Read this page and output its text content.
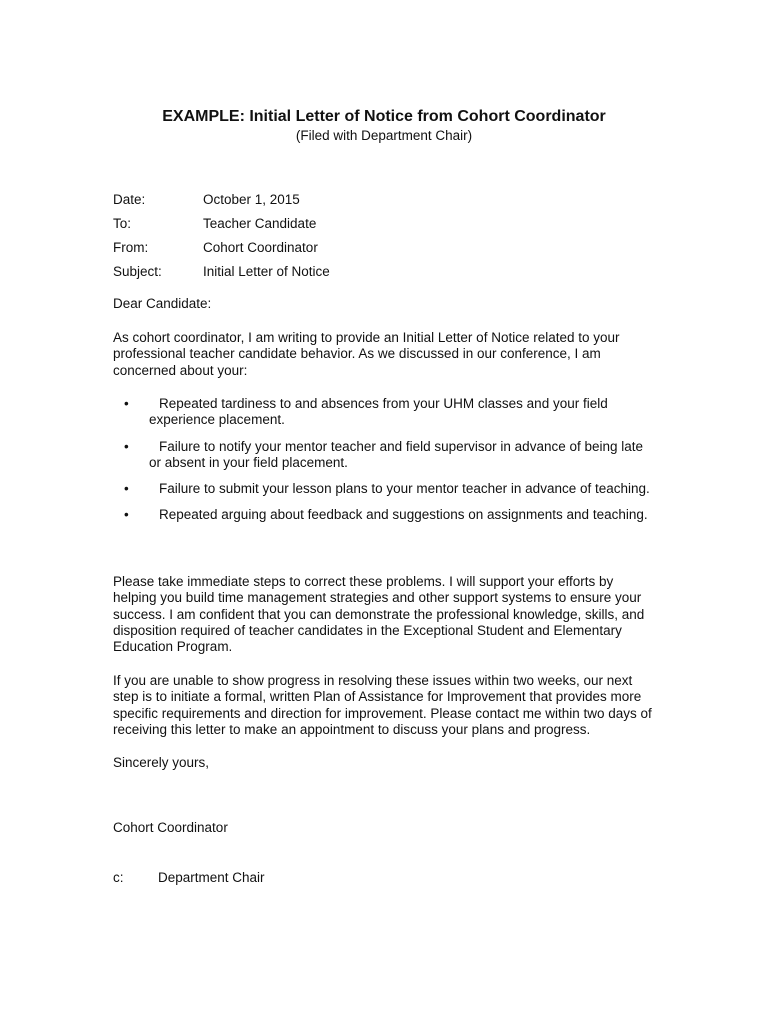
EXAMPLE: Initial Letter of Notice from Cohort Coordinator
(Filed with Department Chair)
Date:	October 1, 2015
To:	Teacher Candidate
From:	Cohort Coordinator
Subject:	Initial Letter of Notice

Dear Candidate:

As cohort coordinator, I am writing to provide an Initial Letter of Notice related to your professional teacher candidate behavior. As we discussed in our conference, I am concerned about your:

•	Repeated tardiness to and absences from your UHM classes and your field experience placement.
•	Failure to notify your mentor teacher and field supervisor in advance of being late or absent in your field placement.
•	Failure to submit your lesson plans to your mentor teacher in advance of teaching.
•	Repeated arguing about feedback and suggestions on assignments and teaching.

Please take immediate steps to correct these problems. I will support your efforts by helping you build time management strategies and other support systems to ensure your success. I am confident that you can demonstrate the professional knowledge, skills, and disposition required of teacher candidates in the Exceptional Student and Elementary Education Program.

If you are unable to show progress in resolving these issues within two weeks, our next step is to initiate a formal, written Plan of Assistance for Improvement that provides more specific requirements and direction for improvement. Please contact me within two days of receiving this letter to make an appointment to discuss your plans and progress.

Sincerely yours,

Cohort Coordinator

c:	Department Chair
